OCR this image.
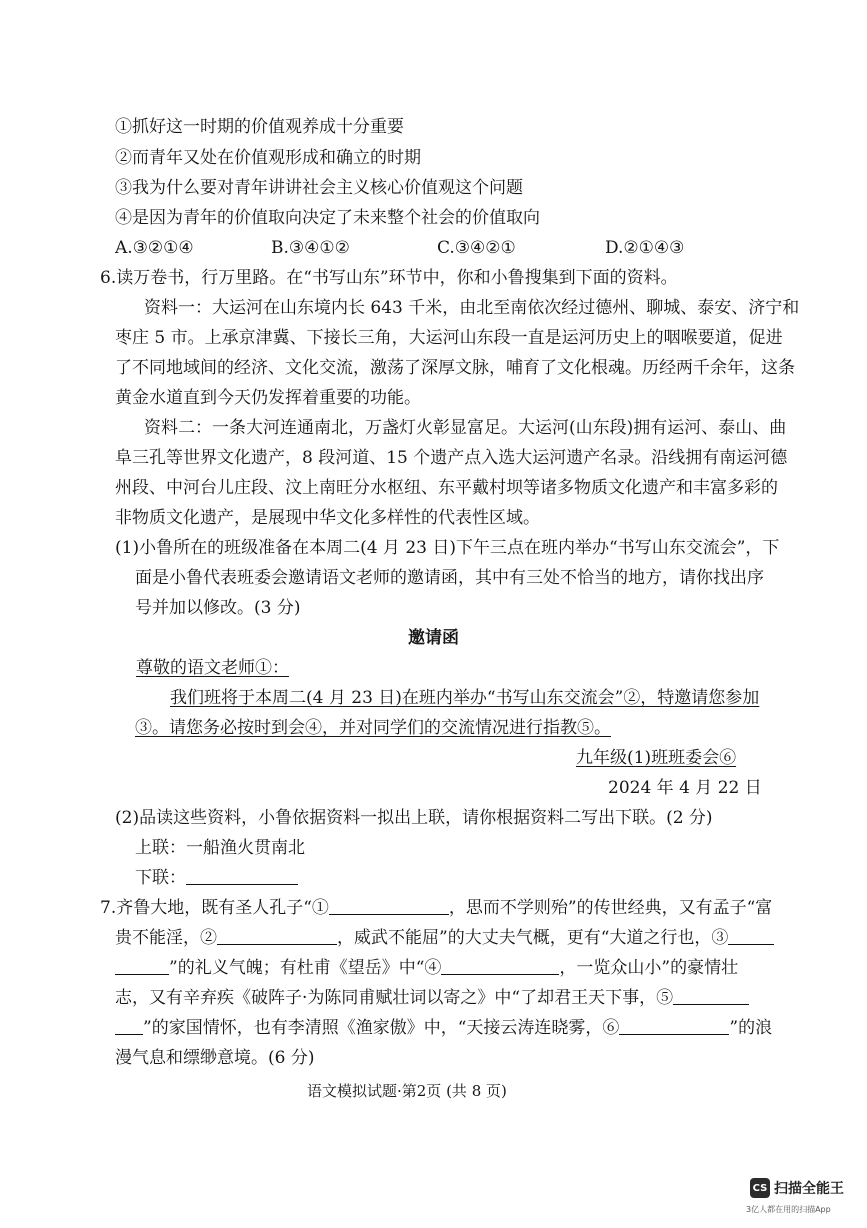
①抓好这一时期的价值观养成十分重要
②而青年又处在价值观形成和确立的时期
③我为什么要对青年讲讲社会主义核心价值观这个问题
④是因为青年的价值取向决定了未来整个社会的价值取向
A.③②①④	B.③④①②	C.③④②①	D.②①④③
6.读万卷书，行万里路。在“书写山东”环节中，你和小鲁搜集到下面的资料。
资料一：大运河在山东境内长 643 千米，由北至南依次经过德州、聊城、泰安、济宁和
枣庄 5 市。上承京津冀、下接长三角，大运河山东段一直是运河历史上的咽喉要道，促进
了不同地域间的经济、文化交流，激荡了深厚文脉，哺育了文化根魂。历经两千余年，这条
黄金水道直到今天仍发挥着重要的功能。
资料二：一条大河连通南北，万盏灯火彰显富足。大运河(山东段)拥有运河、泰山、曲
阜三孔等世界文化遗产，8 段河道、15 个遗产点入选大运河遗产名录。沿线拥有南运河德
州段、中河台儿庄段、汶上南旺分水枢纽、东平戴村坝等诸多物质文化遗产和丰富多彩的
非物质文化遗产，是展现中华文化多样性的代表性区域。
(1)小鲁所在的班级准备在本周二(4 月 23 日)下午三点在班内举办“书写山东交流会”，下
面是小鲁代表班委会邀请语文老师的邀请函，其中有三处不恰当的地方，请你找出序
号并加以修改。(3 分)
邀请函
尊敬的语文老师①：
我们班将于本周二(4 月 23 日)在班内举办“书写山东交流会”②，特邀请您参加
③。请您务必按时到会④，并对同学们的交流情况进行指教⑤。
九年级(1)班班委会⑥
2024 年 4 月 22 日
(2)品读这些资料，小鲁依据资料一拟出上联，请你根据资料二写出下联。(2 分)
上联：一船渔火贯南北
下联：
7.齐鲁大地，既有圣人孔子“①	，思而不学则殆”的传世经典，又有孟子“富
贵不能淫，②	，威武不能屈”的大丈夫气概，更有“大道之行也，③
”的礼义气魄；有杜甫《望岳》中“④	，一览众山小”的豪情壮
志，又有辛弃疾《破阵子·为陈同甫赋壮词以寄之》中“了却君王天下事，⑤
”的家国情怀，也有李清照《渔家傲》中，“天接云涛连晓雾，⑥	”的浪
漫气息和缥缈意境。(6 分)
语文模拟试题·第2页 (共 8 页)
CS 扫描全能王
3亿人都在用的扫描App
